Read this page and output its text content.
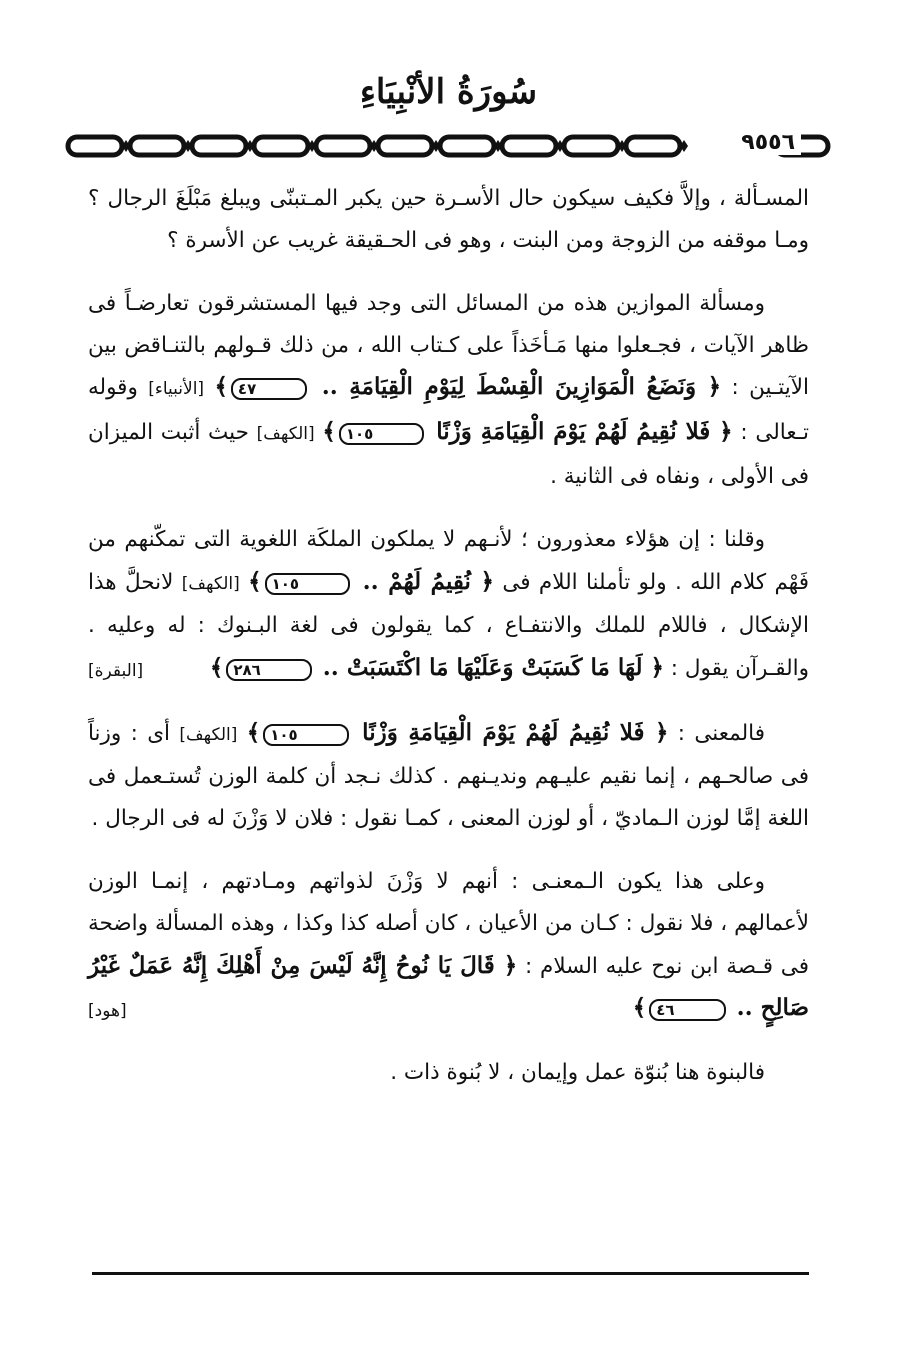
سُورَةُ الأنْبِيَاءِ
٩٥٥٦

المسـألة ، وإلاَّ فكيف سيكون حال الأسـرة حين يكبر المـتبنّى ويبلغ مَبْلَغَ الرجال ؟ ومـا موقفه من الزوجة ومن البنت ، وهو فى الحـقيقة غريب عن الأسرة ؟

ومسألة الموازين هذه من المسائل التى وجد فيها المستشرقون تعارضـاً فى ظاهر الآيات ، فجـعلوا منها مَـأخَذاً على كـتاب الله ، من ذلك قـولهم بالتنـاقض بين الآيتـين : ﴿ وَنَضَعُ الْمَوَازِينَ الْقِسْطَ لِيَوْمِ الْقِيَامَةِ .. ٤٧﴾ [الأنبياء] وقوله تـعالى : ﴿ فَلا نُقِيمُ لَهُمْ يَوْمَ الْقِيَامَةِ وَزْنًا ١٠٥﴾ [الكهف] حيث أثبت الميزان فى الأولى ، ونفاه فى الثانية .

وقلنا : إن هؤلاء معذورون ؛ لأنـهم لا يملكون الملكَة اللغوية التى تمكّنهم من فَهْم كلام الله . ولو تأملنا اللام فى ﴿ نُقِيمُ لَهُمْ .. ١٠٥﴾ [الكهف] لانحلَّ هذا الإشكال ، فاللام للملك والانتفـاع ، كما يقولون فى لغة البـنوك : له وعليه . والقـرآن يقول : ﴿ لَهَا مَا كَسَبَتْ وَعَلَيْهَا مَا اكْتَسَبَتْ .. ٢٨٦﴾
[البقرة]

فالمعنى : ﴿ فَلا نُقِيمُ لَهُمْ يَوْمَ الْقِيَامَةِ وَزْنًا ١٠٥﴾ [الكهف] أى : وزناً فى صالحـهم ، إنما نقيم عليـهم ونديـنهم . كذلك نـجد أن كلمة الوزن تُستـعمل فى اللغة إمَّا لوزن الـماديّ ، أو لوزن المعنى ، كمـا نقول : فلان لا وَزْنَ له فى الرجال .

وعلى هذا يكون الـمعنـى : أنهم لا وَزْنَ لذواتهم ومـادتهم ، إنمـا الوزن لأعمالهم ، فلا نقول : كـان من الأعيان ، كان أصله كذا وكذا ، وهذه المسألة واضحة فى قـصة ابن نوح عليه السلام : ﴿ قَالَ يَا نُوحُ إِنَّهُ لَيْسَ مِنْ أَهْلِكَ إِنَّهُ عَمَلٌ غَيْرُ صَالِحٍ .. ٤٦﴾
[هود]

فالبنوة هنا بُنوّة عمل وإيمان ، لا بُنوة ذات .
